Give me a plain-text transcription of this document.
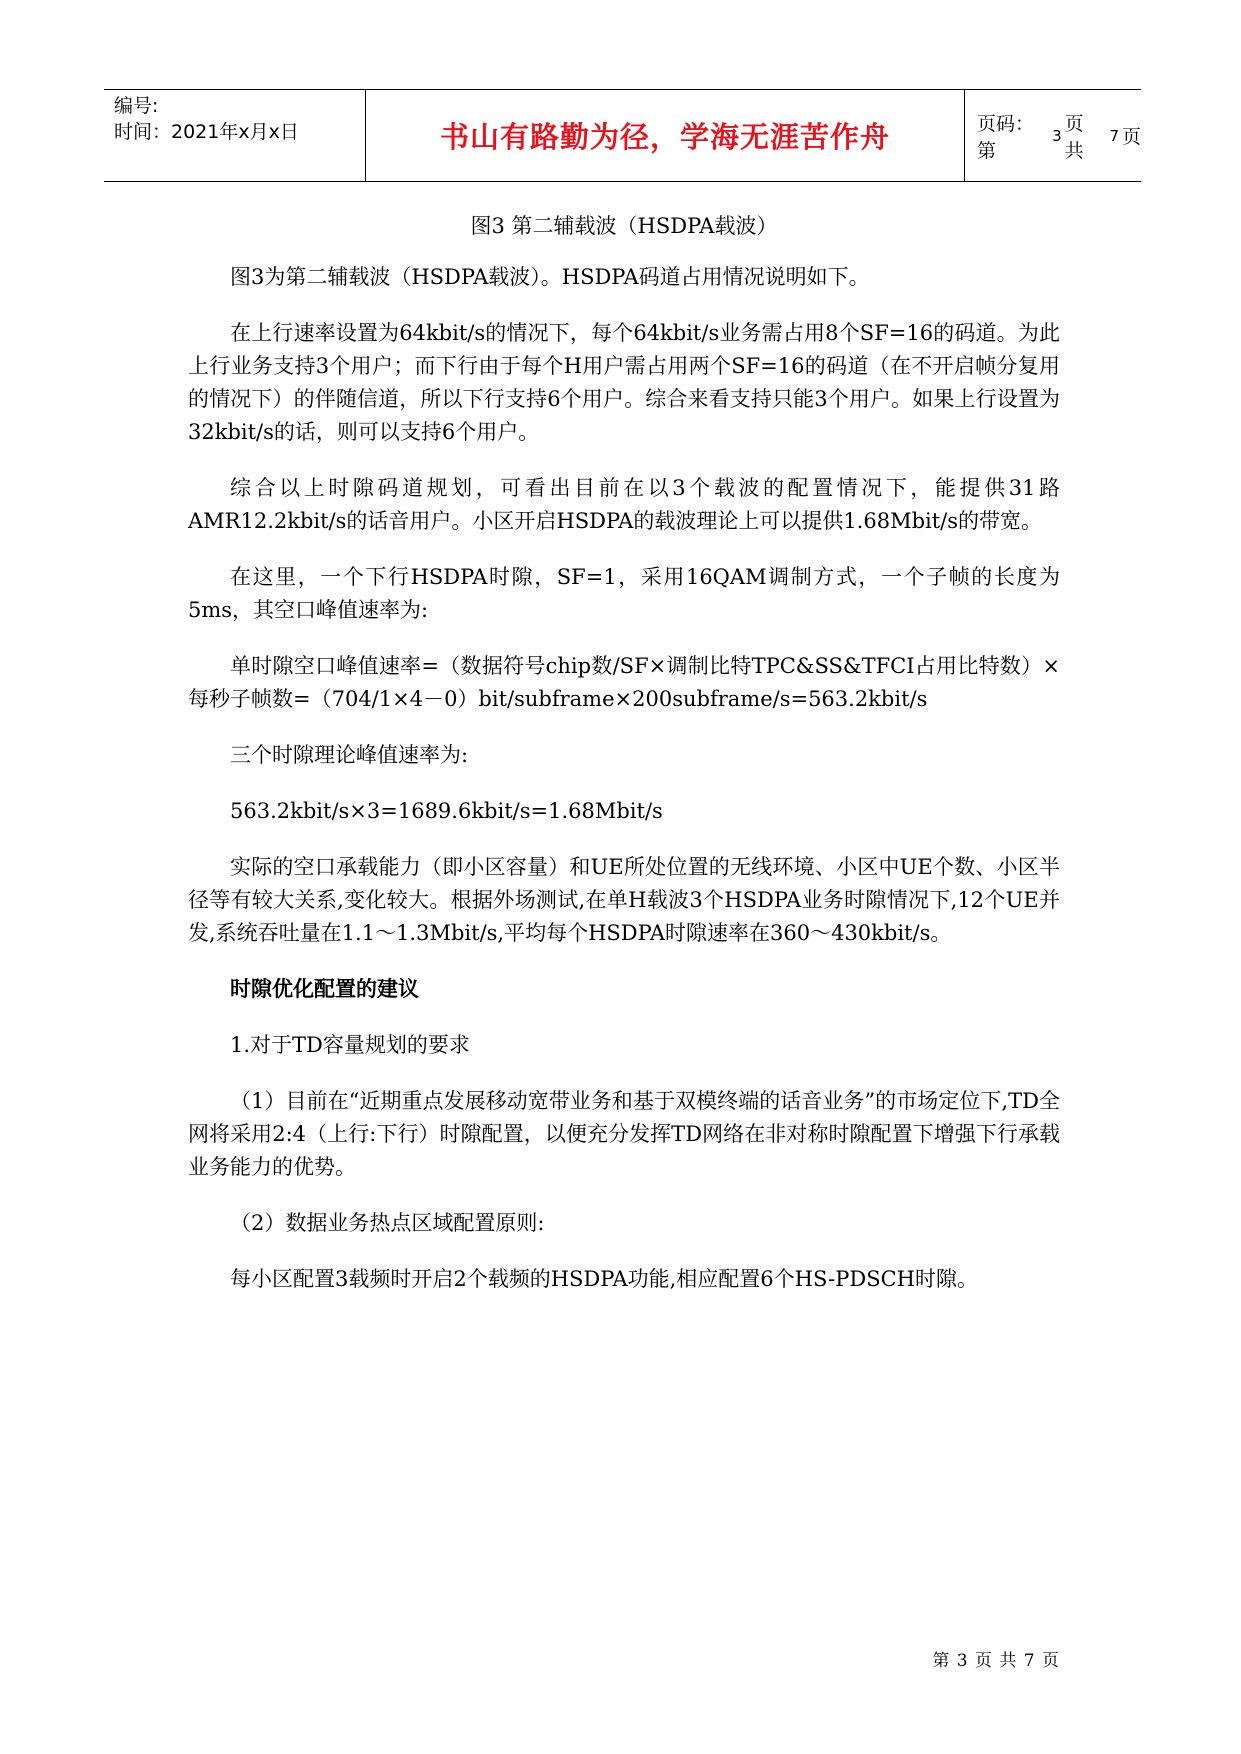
编号:
时间：2021年x月x日	书山有路勤为径，学海无涯苦作舟	页码：第
3
页 共
7 页

图3 第二辅载波（HSDPA载波）

图3为第二辅载波（HSDPA载波）。HSDPA码道占用情况说明如下。

在上行速率设置为64kbit/s的情况下，每个64kbit/s业务需占用8个SF=16的码道。为此上行业务支持3个用户；而下行由于每个H用户需占用两个SF=16的码道（在不开启帧分复用的情况下）的伴随信道，所以下行支持6个用户。综合来看支持只能3个用户。如果上行设置为32kbit/s的话，则可以支持6个用户。

综合以上时隙码道规划，可看出目前在以3个载波的配置情况下，能提供31路AMR12.2kbit/s的话音用户。小区开启HSDPA的载波理论上可以提供1.68Mbit/s的带宽。

在这里，一个下行HSDPA时隙，SF=1，采用16QAM调制方式，一个子帧的长度为5ms，其空口峰值速率为:

单时隙空口峰值速率=（数据符号chip数/SF×调制比特TPC&SS&TFCI占用比特数）×每秒子帧数=（704/1×4－0）bit/subframe×200subframe/s=563.2kbit/s

三个时隙理论峰值速率为:

563.2kbit/s×3=1689.6kbit/s=1.68Mbit/s

实际的空口承载能力（即小区容量）和UE所处位置的无线环境、小区中UE个数、小区半径等有较大关系,变化较大。根据外场测试,在单H载波3个HSDPA业务时隙情况下,12个UE并发,系统吞吐量在1.1～1.3Mbit/s,平均每个HSDPA时隙速率在360～430kbit/s。

时隙优化配置的建议

1.对于TD容量规划的要求

（1）目前在“近期重点发展移动宽带业务和基于双模终端的话音业务”的市场定位下,TD全网将采用2:4（上行:下行）时隙配置，以便充分发挥TD网络在非对称时隙配置下增强下行承载业务能力的优势。

（2）数据业务热点区域配置原则:

每小区配置3载频时开启2个载频的HSDPA功能,相应配置6个HS-PDSCH时隙。

第 3 页 共 7 页
